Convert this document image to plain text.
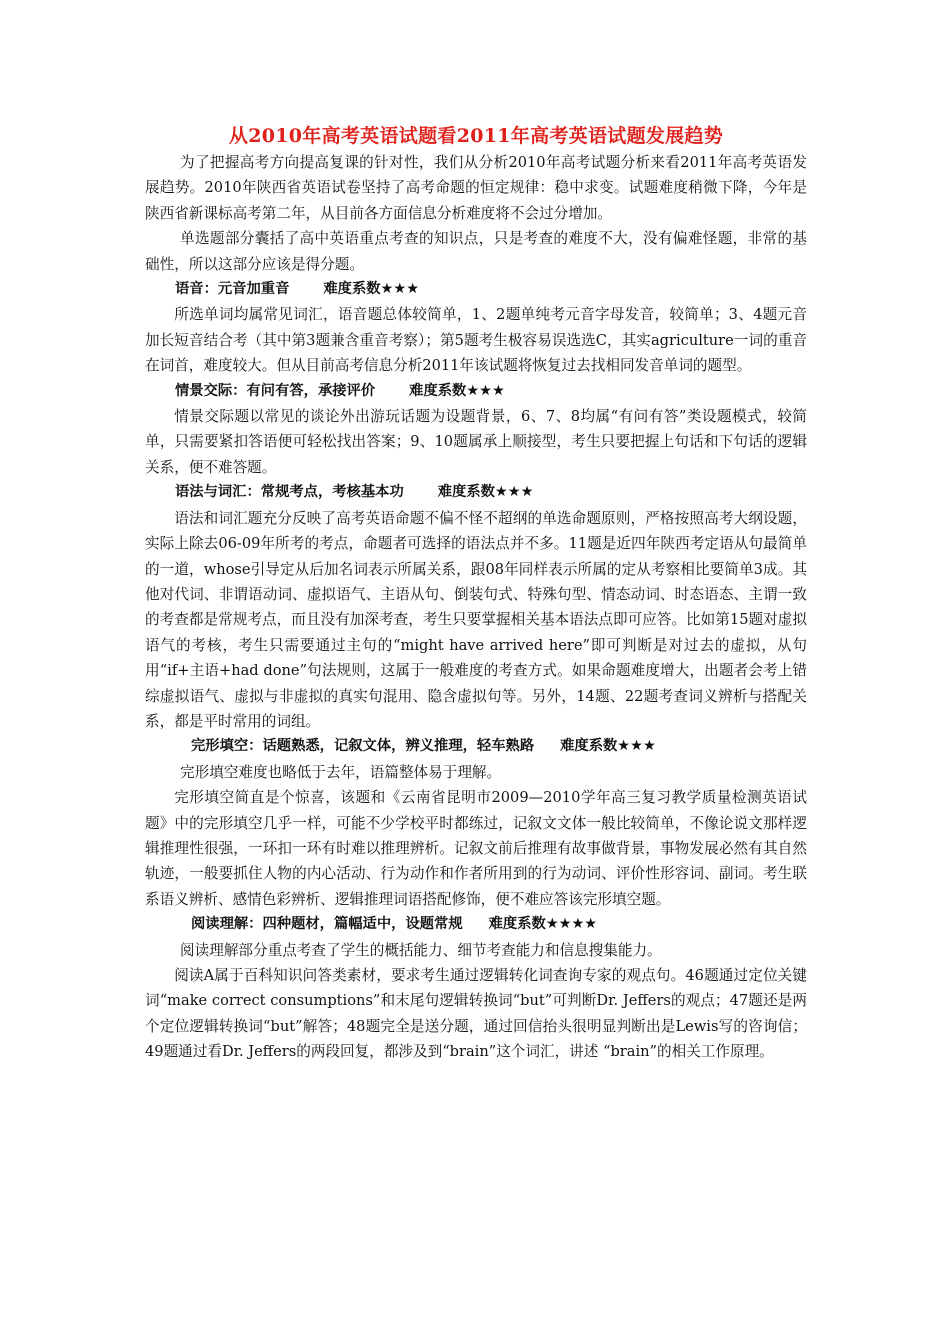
从2010年高考英语试题看2011年高考英语试题发展趋势

为了把握高考方向提高复课的针对性，我们从分析2010年高考试题分析来看2011年高考英语发展趋势。2010年陕西省英语试卷坚持了高考命题的恒定规律：稳中求变。试题难度稍微下降，今年是陕西省新课标高考第二年，从目前各方面信息分析难度将不会过分增加。

单选题部分囊括了高中英语重点考查的知识点，只是考查的难度不大，没有偏难怪题，非常的基础性，所以这部分应该是得分题。

语音：元音加重音 难度系数★★★

所选单词均属常见词汇，语音题总体较简单，1、2题单纯考元音字母发音，较简单；3、4题元音加长短音结合考（其中第3题兼含重音考察）；第5题考生极容易误选选C，其实agriculture一词的重音在词首，难度较大。但从目前高考信息分析2011年该试题将恢复过去找相同发音单词的题型。

情景交际：有问有答，承接评价 难度系数★★★

情景交际题以常见的谈论外出游玩话题为设题背景，6、7、8均属“有问有答”类设题模式，较简单，只需要紧扣答语便可轻松找出答案；9、10题属承上顺接型，考生只要把握上句话和下句话的逻辑关系，便不难答题。

语法与词汇：常规考点，考核基本功 难度系数★★★

语法和词汇题充分反映了高考英语命题不偏不怪不超纲的单选命题原则，严格按照高考大纲设题，实际上除去06-09年所考的考点，命题者可选择的语法点并不多。11题是近四年陕西考定语从句最简单的一道，whose引导定从后加名词表示所属关系，跟08年同样表示所属的定从考察相比要简单3成。其他对代词、非谓语动词、虚拟语气、主语从句、倒装句式、特殊句型、情态动词、时态语态、主谓一致的考查都是常规考点，而且没有加深考查，考生只要掌握相关基本语法点即可应答。比如第15题对虚拟语气的考核，考生只需要通过主句的“might have arrived here”即可判断是对过去的虚拟，从句用“if+主语+had done”句法规则，这属于一般难度的考查方式。如果命题难度增大，出题者会考上错综虚拟语气、虚拟与非虚拟的真实句混用、隐含虚拟句等。另外，14题、22题考查词义辨析与搭配关系，都是平时常用的词组。

完形填空：话题熟悉，记叙文体，辨义推理，轻车熟路 难度系数★★★

完形填空难度也略低于去年，语篇整体易于理解。

完形填空简直是个惊喜，该题和《云南省昆明市2009—2010学年高三复习教学质量检测英语试题》中的完形填空几乎一样，可能不少学校平时都练过，记叙文文体一般比较简单，不像论说文那样逻辑推理性很强，一环扣一环有时难以推理辨析。记叙文前后推理有故事做背景，事物发展必然有其自然轨迹，一般要抓住人物的内心活动、行为动作和作者所用到的行为动词、评价性形容词、副词。考生联系语义辨析、感情色彩辨析、逻辑推理词语搭配修饰，便不难应答该完形填空题。

阅读理解：四种题材，篇幅适中，设题常规 难度系数★★★★

阅读理解部分重点考查了学生的概括能力、细节考查能力和信息搜集能力。

阅读A属于百科知识问答类素材，要求考生通过逻辑转化词查询专家的观点句。46题通过定位关键词“make correct consumptions”和末尾句逻辑转换词“but”可判断Dr. Jeffers的观点；47题还是两个定位逻辑转换词“but”解答；48题完全是送分题，通过回信抬头很明显判断出是Lewis写的咨询信；49题通过看Dr. Jeffers的两段回复，都涉及到“brain”这个词汇，讲述 “brain”的相关工作原理。
